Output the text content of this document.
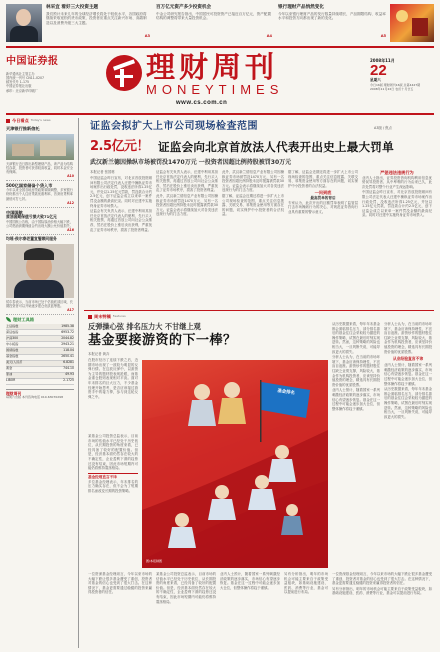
林采宜 看好三大投资主题
我们预计未来几年的全球经济增长将处于较低水平，各国政府将继续采取宽松的货币政策，投资者应重点关注新兴市场、高端制造以及消费升级三大主题。
A3
百万亿元资产多少投资机会
中金公司研究报告指出，中国居民可投资资产已接近百万亿元，资产配置结构的调整将带来大量投资机会。
A4
银行理财产品悄然变化
今年以来银行理财产品的发行数量持续增长，产品期限结构、收益率水平和投资方向都出现了新的变化。
A5
中国证券报
新华通讯社主管主办
国内统一刊号 CN11-0207
邮发代号 1-175
中国证券报社出版
承印：北京新华印刷厂
理财周刊
MONEYTIMES
www.cs.com.cn
2008年11月
22
星期六
今日16版 理财周刊16版 总第4427期
2008年11月22日 农历十月廿五
今日看点 Today's news
天津银行推新信托
天津银行近日推出新型理财产品，该产品为结构性存款，投资者可获得较高收益，同时本金安全有保障。
A10
500亿国家储备个贷入市
今年以来全国各地房贷政策频频调整，多家银行纷纷推出个人住房贷款优惠利率，首套房贷利率最低可打七折。
A12
中国国航
原油套期保值亏损大致71亿元
中国国航公告称，由于国际原油价格大幅下跌，公司燃油套期保值合约出现大额公允价值损失。
A16
均瑶·侯尔泰老董宣誓顾问服务
侯尔泰表示，当前市场已处于估值底部区域，长期投资者可以开始逐步建仓优质蓝筹股。
A17
理财工具箱
上证指数	1985.38
深证成指	6953.72
沪深300	2044.82
中小板指	2943.21
国债指数	118.04
基金指数	2650.41
美元/人民币	6.8281
黄金	744.10
原油	49.93
LIBOR	2.1725
理财周刊
每周六出版 本刊咨询电话 010-63070298
证监会拟扩大上市公司现场检查范围	A3版 / 焦点
2.5亿元！ 证监会向北京首放法人代表开出史上最大罚单
武汉新兰德因操纵市场被罚没1470万元 一投资者因超比例持股被罚30万元
本报记者 张国栋

中国证监会昨日宣布，对北京首放投资顾问有限公司法定代表人汪建中操纵证券市场案作出行政处罚，没收违法所得1.25亿元，并处以1.25亿元罚款，罚没款合计约2.5亿元，创下证监会成立以来单一案件罚没金额的最高纪录。同时对汪建中实施终身证券市场禁入。

证监会有关负责人表示，汪建中利用其担任北京首放法定代表人的便利，先行买入相关股票，再通过首放公司向社会公众推荐，然后在股价上涨后卖出获利，严重扰乱了证券市场秩序，损害了投资者利益。

证监会有关负责人表示，汪建中利用其担任北京首放法定代表人的便利，先行买入相关股票，再通过首放公司向社会公众推荐，然后在股价上涨后卖出获利，严重扰乱了证券市场秩序，损害了投资者利益。

此外，武汉新兰德信息产业有限公司因操纵证券市场被罚没1470万元，另有一名投资者因超比例持股未及时披露被罚款30万元。证监会表示将继续加大对各类违法违规行为的打击力度。

此外，武汉新兰德信息产业有限公司因操纵证券市场被罚没1470万元，另有一名投资者因超比例持股未及时披露被罚款30万元。证监会表示将继续加大对各类违法违规行为的打击力度。

据了解，证监会近期还将进一步扩大上市公司现场检查的范围，重点关注信息披露、关联交易、募集资金使用等方面存在的问题，切实保护中小投资者的合法权益。

据了解，证监会近期还将进一步扩大上市公司现场检查的范围，重点关注信息披露、关联交易、募集资金使用等方面存在的问题，切实保护中小投资者的合法权益。

一问到底
最高罚单的背后

专家认为，此次开出的巨额罚单表明了监管层打击市场操纵行为的决心，对规范证券咨询行业具有重要的警示意义。

严惩违法违规行为

业内人士指出，证券投资咨询机构利用信息优势误导投资者、从中牟利的行为由来已久，此次处罚将对整个行业产生深远影响。

中国证监会昨日宣布，对北京首放投资顾问有限公司法定代表人汪建中操纵证券市场案作出行政处罚，没收违法所得1.25亿元，并处以1.25亿元罚款，罚没款合计约2.5亿元，创下证监会成立以来单一案件罚没金额的最高纪录。同时对汪建中实施终身证券市场禁入。

周末特稿 Features
反弹操心弦 排名压力大 不甘继上观
基金要接游资的下一棒？
本报记者 黄卉

在股市经历了连续下跌之后，近期市场出现了一波较为明显的反弹行情。在这波反弹中，以游资为主导的题材股表现抢眼，而基金重仓股则表现相对平淡。面对年末排名的巨大压力，不少基金经理开始思考，是否应该接过游资手中的接力棒，参与到这轮反弹之中。

基金排名
图/本报制图

某基金公司投资总监表示，目前市场的估值水平已经处于历史低位，从长期投资的角度来看，已经具备了较好的配置价值。但是，经济基本面仍然存在较大的不确定性，企业盈利下滑的趋势还没有结束，因此市场短期内可能仍将维持震荡格局。

基金经理直言不讳

多位基金经理表示，年末排名的压力确实存在，但不会为了短期排名而改变长期的投资策略。

从历史数据来看，每年年末基金都会面临排名压力，部分排名靠后的基金往往会采取较为激进的操作策略，试图在最后时刻实现逆转。然而，这种策略的风险也相当大，一旦判断失误，可能导致更大的损失。

分析人士认为，在当前的市场环境下，基金应该保持理性，不宜盲目追涨。游资炒作的题材股往往缺乏业绩支撑，风险较大，基金作为机构投资者，应该坚持价值投资的理念，精选具有长期投资价值的优质股票。

业内人士预计，随着国家一系列刺激经济政策的逐步落实，市场信心有望逐步恢复。基金在这一过程中可能会逐步加大仓位，但整体操作将趋于谨慎。

分析人士认为，在当前的市场环境下，基金应该保持理性，不宜盲目追涨。游资炒作的题材股往往缺乏业绩支撑，风险较大，基金作为机构投资者，应该坚持价值投资的理念，精选具有长期投资价值的优质股票。

从业经验直言不讳

业内人士预计，随着国家一系列刺激经济政策的逐步落实，市场信心有望逐步恢复。基金在这一过程中可能会逐步加大仓位，但整体操作将趋于谨慎。

从历史数据来看，每年年末基金都会面临排名压力，部分排名靠后的基金往往会采取较为激进的操作策略，试图在最后时刻实现逆转。然而，这种策略的风险也相当大，一旦判断失误，可能导致更大的损失。

一位资深基金经理坦言，今年以来市场的大幅下跌让很多基金遭受了重创，投资者对基金的信心也受到了很大打击。在这种情况下，基金更需要通过稳健的投资来赢得投资者的信任。

某基金公司投资总监表示，目前市场的估值水平已经处于历史低位，从长期投资的角度来看，已经具备了较好的配置价值。但是，经济基本面仍然存在较大的不确定性，企业盈利下滑的趋势还没有结束，因此市场短期内可能仍将维持震荡格局。

业内人士预计，随着国家一系列刺激经济政策的逐步落实，市场信心有望逐步恢复。基金在这一过程中可能会逐步加大仓位，但整体操作将趋于谨慎。

另有分析指出，明年的市场机会可能主要来自于政策受益板块，如基础设施建设、医药、消费等行业，基金可以提前进行布局。

一位资深基金经理坦言，今年以来市场的大幅下跌让很多基金遭受了重创，投资者对基金的信心也受到了很大打击。在这种情况下，基金更需要通过稳健的投资来赢得投资者的信任。

另有分析指出，明年的市场机会可能主要来自于政策受益板块，如基础设施建设、医药、消费等行业，基金可以提前进行布局。
